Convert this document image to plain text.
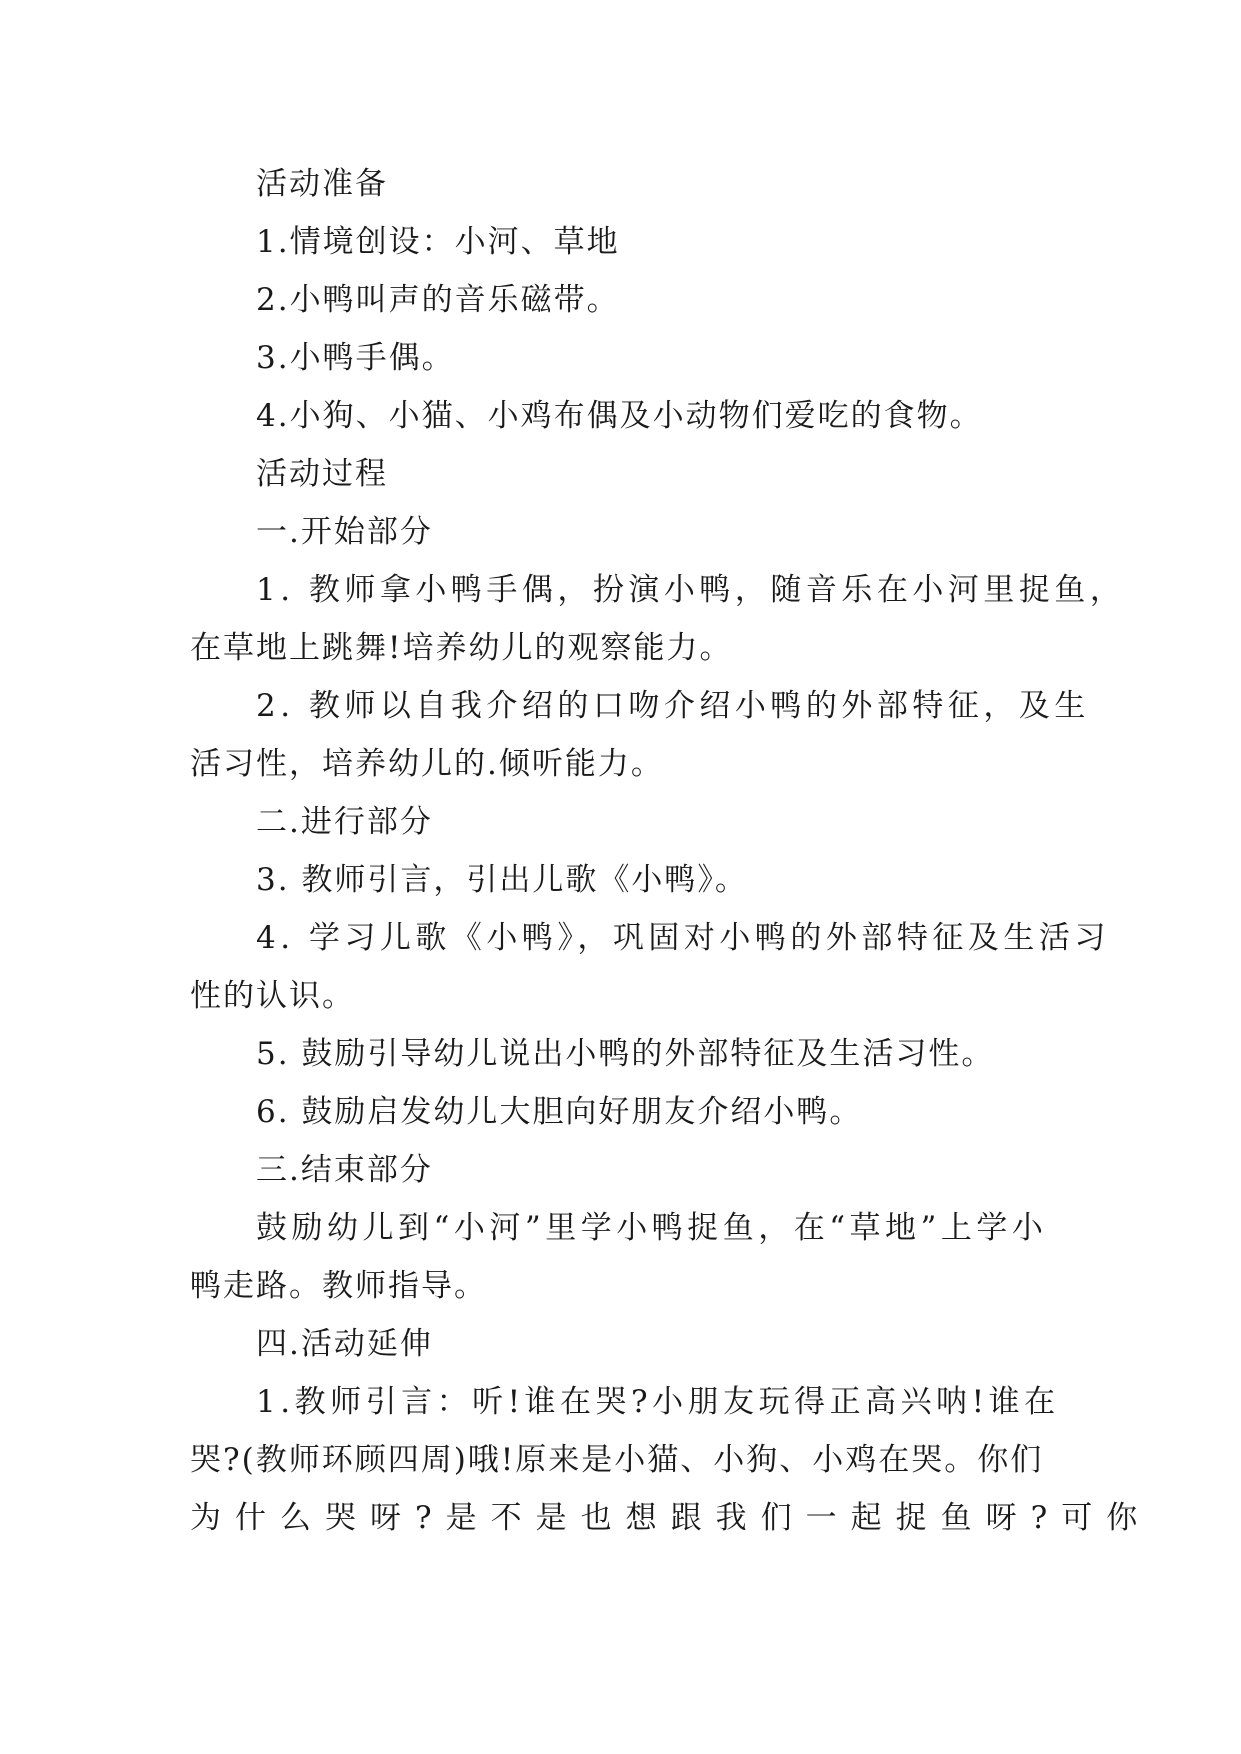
活动准备
1.情境创设：小河、草地
2.小鸭叫声的音乐磁带。
3.小鸭手偶。
4.小狗、小猫、小鸡布偶及小动物们爱吃的食物。
活动过程
一.开始部分
1. 教师拿小鸭手偶，扮演小鸭，随音乐在小河里捉鱼，
在草地上跳舞!培养幼儿的观察能力。
2. 教师以自我介绍的口吻介绍小鸭的外部特征，及生
活习性，培养幼儿的.倾听能力。
二.进行部分
3. 教师引言，引出儿歌《小鸭》。
4. 学习儿歌《小鸭》，巩固对小鸭的外部特征及生活习
性的认识。
5. 鼓励引导幼儿说出小鸭的外部特征及生活习性。
6. 鼓励启发幼儿大胆向好朋友介绍小鸭。
三.结束部分
鼓励幼儿到“小河”里学小鸭捉鱼，在“草地”上学小
鸭走路。教师指导。
四.活动延伸
1.教师引言：听!谁在哭?小朋友玩得正高兴呐!谁在
哭?(教师环顾四周)哦!原来是小猫、小狗、小鸡在哭。你们
为什么哭呀?是不是也想跟我们一起捉鱼呀?可你
